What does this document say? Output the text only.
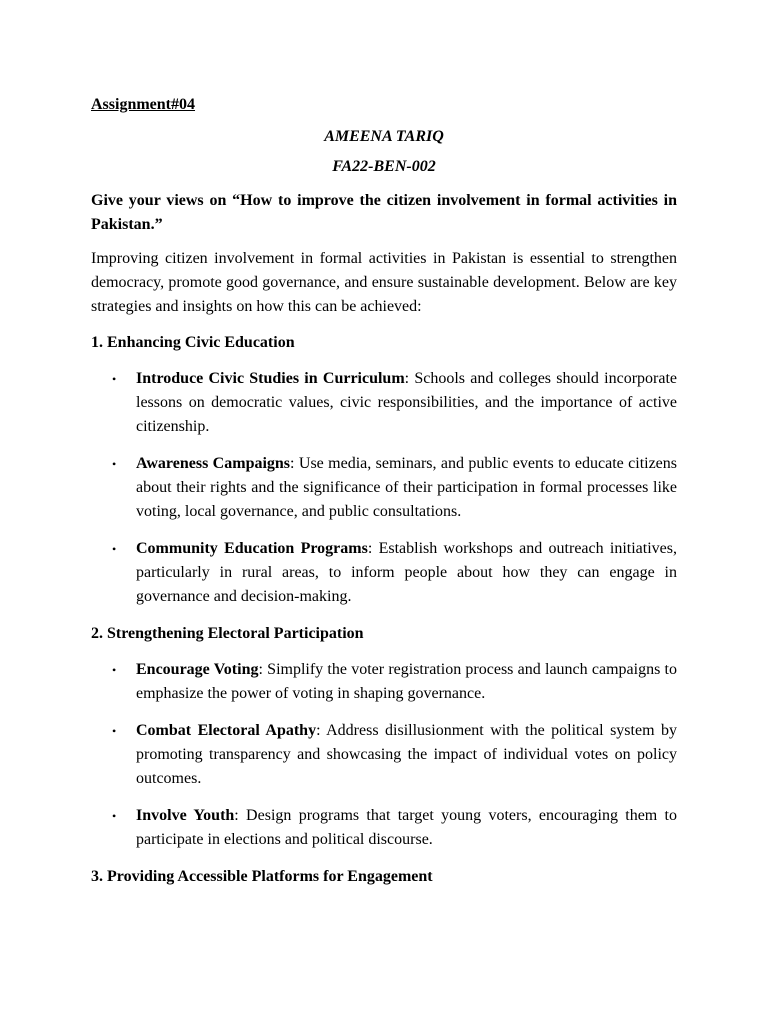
Assignment#04
AMEENA TARIQ
FA22-BEN-002
Give your views on “How to improve the citizen involvement in formal activities in Pakistan.”
Improving citizen involvement in formal activities in Pakistan is essential to strengthen democracy, promote good governance, and ensure sustainable development. Below are key strategies and insights on how this can be achieved:
1. Enhancing Civic Education
• Introduce Civic Studies in Curriculum: Schools and colleges should incorporate lessons on democratic values, civic responsibilities, and the importance of active citizenship.
• Awareness Campaigns: Use media, seminars, and public events to educate citizens about their rights and the significance of their participation in formal processes like voting, local governance, and public consultations.
• Community Education Programs: Establish workshops and outreach initiatives, particularly in rural areas, to inform people about how they can engage in governance and decision-making.
2. Strengthening Electoral Participation
• Encourage Voting: Simplify the voter registration process and launch campaigns to emphasize the power of voting in shaping governance.
• Combat Electoral Apathy: Address disillusionment with the political system by promoting transparency and showcasing the impact of individual votes on policy outcomes.
• Involve Youth: Design programs that target young voters, encouraging them to participate in elections and political discourse.
3. Providing Accessible Platforms for Engagement
